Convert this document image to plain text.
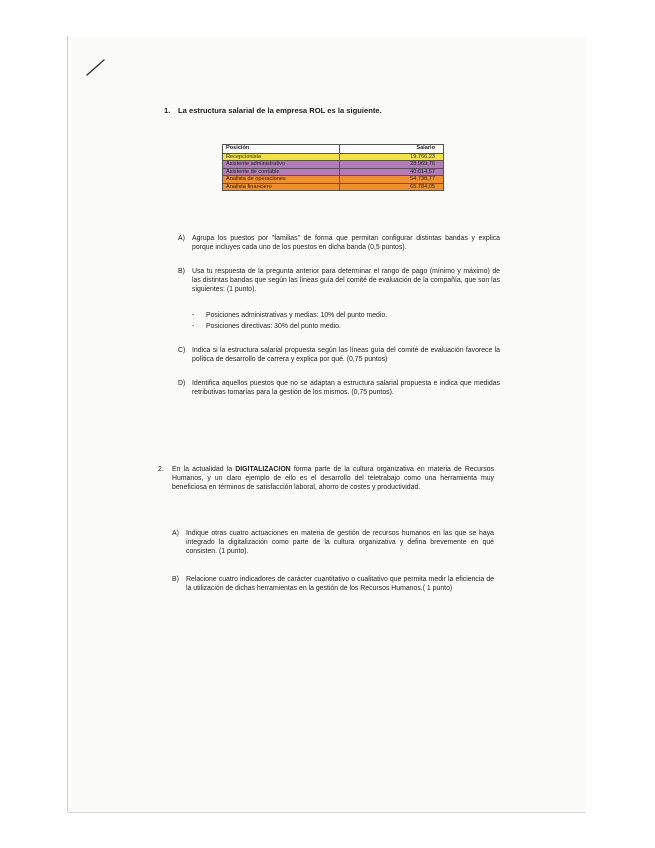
1. La estructura salarial de la empresa ROL es la siguiente.
Posición	Salario
Recepcionista	19.766,23
Asistente administrativo	28.969,76
Asistente de contable	40.014,67
Analista de operaciones	54.738,77
Analista financiero	65.784,05
A) Agrupa los puestos por "familias" de forma que permitan configurar distintas bandas y explica porque incluyes cada uno de los puestos en dicha banda (0,5 puntos).
B) Usa tu respuesta de la pregunta anterior para determinar el rango de pago (mínimo y máximo) de las distintas bandas que según las líneas guía del comité de evaluación de la compañía, que son las siguientes: (1 punto).
- Posiciones administrativas y medias: 10% del punto medio.
- Posiciones directivas: 30% del punto medio.
C) Indica si la estructura salarial propuesta según las líneas guía del comité de evaluación favorece la política de desarrollo de carrera y explica por qué. (0,75 puntos)
D) Identifica aquellos puestos que no se adaptan a estructura salarial propuesta e indica que medidas retributivas tomarías para la gestión de los mismos. (0,75 puntos).
2. En la actualidad la DIGITALIZACION forma parte de la cultura organizativa en materia de Recursos Humanos, y un claro ejemplo de ello es el desarrollo del teletrabajo como una herramienta muy beneficiosa en términos de satisfacción laboral, ahorro de costes y productividad.
A) Indique otras cuatro actuaciones en materia de gestión de recursos humanos en las que se haya integrado la digitalización como parte de la cultura organizativa y defina brevemente en qué consisten. (1 punto).
B) Relacione cuatro indicadores de carácter cuantitativo o cualitativo que permita medir la eficiencia de la utilización de dichas herramientas en la gestión de los Recursos Humanos.( 1 punto)
